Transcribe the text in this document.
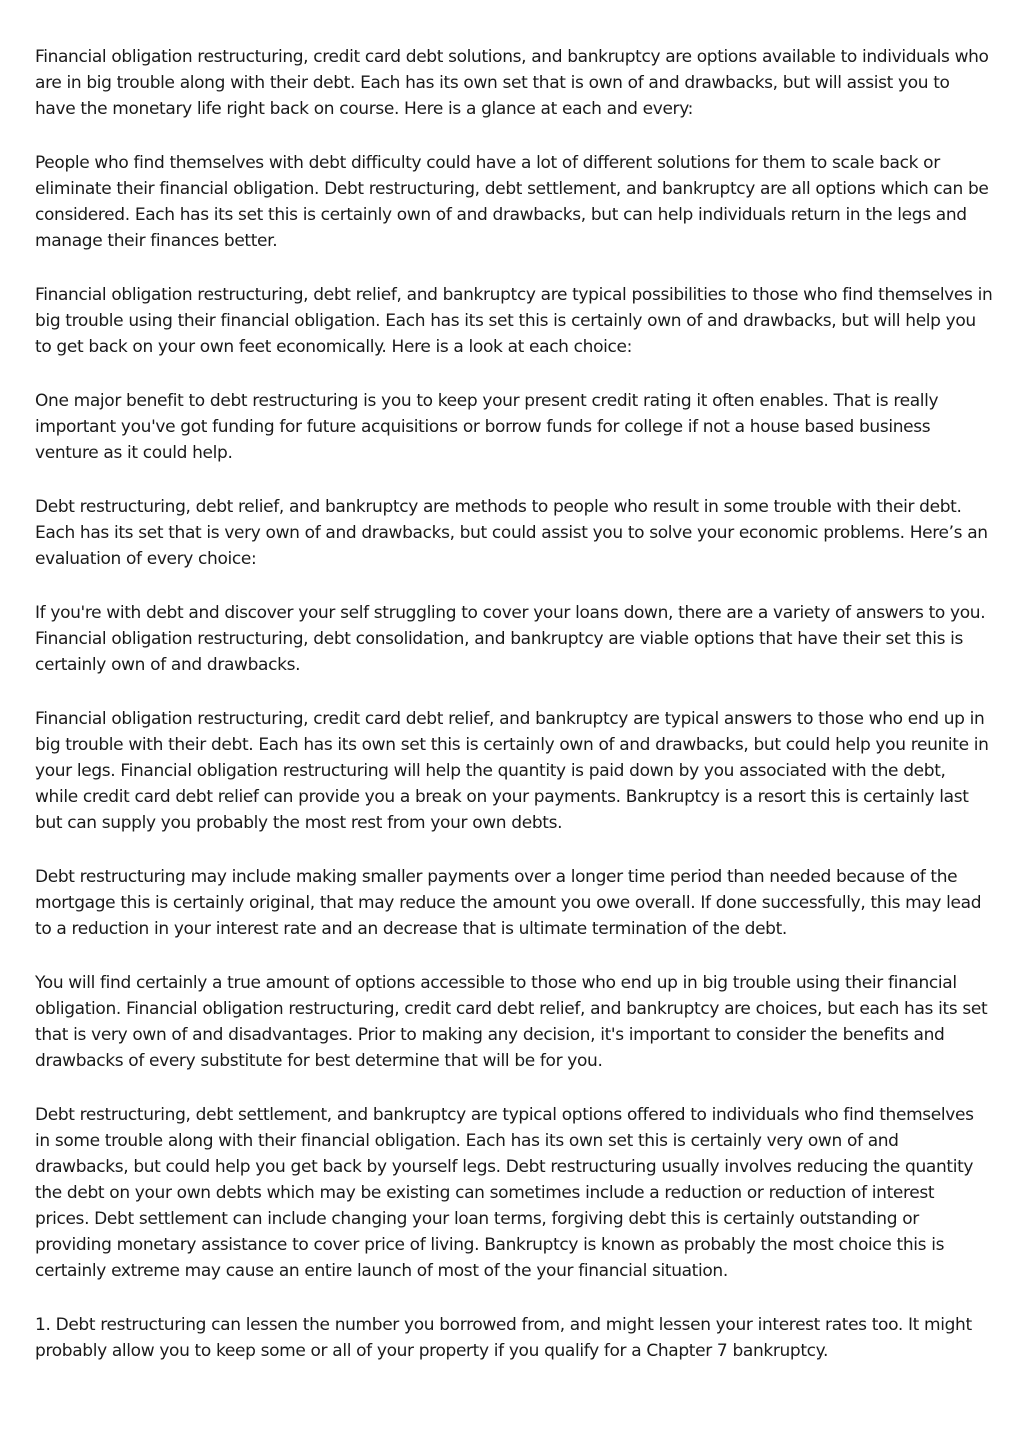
Financial obligation restructuring, credit card debt solutions, and bankruptcy are options available to individuals who are in big trouble along with their debt. Each has its own set that is own of and drawbacks, but will assist you to have the monetary life right back on course. Here is a glance at each and every:

People who find themselves with debt difficulty could have a lot of different solutions for them to scale back or eliminate their financial obligation. Debt restructuring, debt settlement, and bankruptcy are all options which can be considered. Each has its set this is certainly own of and drawbacks, but can help individuals return in the legs and manage their finances better.

Financial obligation restructuring, debt relief, and bankruptcy are typical possibilities to those who find themselves in big trouble using their financial obligation. Each has its set this is certainly own of and drawbacks, but will help you to get back on your own feet economically. Here is a look at each choice:

One major benefit to debt restructuring is you to keep your present credit rating it often enables. That is really important you've got funding for future acquisitions or borrow funds for college if not a house based business venture as it could help.

Debt restructuring, debt relief, and bankruptcy are methods to people who result in some trouble with their debt. Each has its set that is very own of and drawbacks, but could assist you to solve your economic problems. Here’s an evaluation of every choice:

If you're with debt and discover your self struggling to cover your loans down, there are a variety of answers to you. Financial obligation restructuring, debt consolidation, and bankruptcy are viable options that have their set this is certainly own of and drawbacks.

Financial obligation restructuring, credit card debt relief, and bankruptcy are typical answers to those who end up in big trouble with their debt. Each has its own set this is certainly own of and drawbacks, but could help you reunite in your legs. Financial obligation restructuring will help the quantity is paid down by you associated with the debt, while credit card debt relief can provide you a break on your payments. Bankruptcy is a resort this is certainly last but can supply you probably the most rest from your own debts.

Debt restructuring may include making smaller payments over a longer time period than needed because of the mortgage this is certainly original, that may reduce the amount you owe overall. If done successfully, this may lead to a reduction in your interest rate and an decrease that is ultimate termination of the debt.

You will find certainly a true amount of options accessible to those who end up in big trouble using their financial obligation. Financial obligation restructuring, credit card debt relief, and bankruptcy are choices, but each has its set that is very own of and disadvantages. Prior to making any decision, it's important to consider the benefits and drawbacks of every substitute for best determine that will be for you.

Debt restructuring, debt settlement, and bankruptcy are typical options offered to individuals who find themselves in some trouble along with their financial obligation. Each has its own set this is certainly very own of and drawbacks, but could help you get back by yourself legs. Debt restructuring usually involves reducing the quantity the debt on your own debts which may be existing can sometimes include a reduction or reduction of interest prices. Debt settlement can include changing your loan terms, forgiving debt this is certainly outstanding or providing monetary assistance to cover price of living. Bankruptcy is known as probably the most choice this is certainly extreme may cause an entire launch of most of the your financial situation.

1. Debt restructuring can lessen the number you borrowed from, and might lessen your interest rates too. It might probably allow you to keep some or all of your property if you qualify for a Chapter 7 bankruptcy.
